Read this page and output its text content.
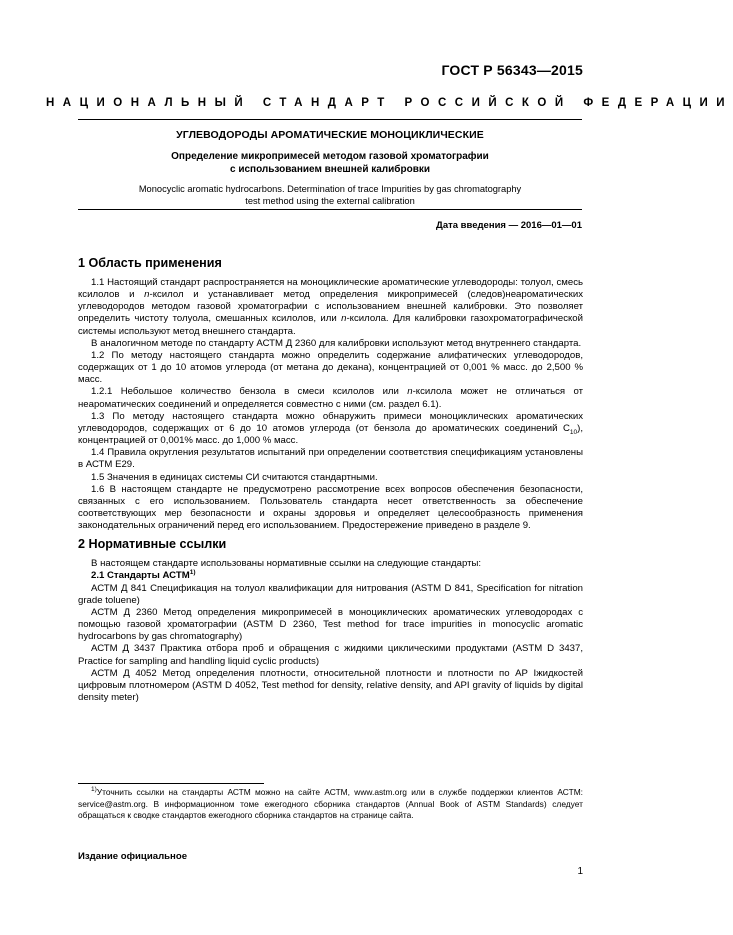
ГОСТ Р 56343—2015
НАЦИОНАЛЬНЫЙ СТАНДАРТ РОССИЙСКОЙ ФЕДЕРАЦИИ
УГЛЕВОДОРОДЫ АРОМАТИЧЕСКИЕ МОНОЦИКЛИЧЕСКИЕ
Определение микропримесей методом газовой хроматографии
с использованием внешней калибровки
Monocyclic aromatic hydrocarbons. Determination of trace Impurities by gas chromatography
test method using the external calibration
Дата введения — 2016—01—01
1 Область применения

1.1 Настоящий стандарт распространяется на моноциклические ароматические углеводороды: толуол, смесь ксилолов и n-ксилол и устанавливает метод определения микропримесей (следов)неароматических углеводородов методом газовой хроматографии с использованием внешней калибровки. Это позволяет определить чистоту толуола, смешанных ксилолов, или n-ксилола. Для калибровки газохроматографической системы используют метод внешнего стандарта.

В аналогичном методе по стандарту АСТМ Д 2360 для калибровки используют метод внутреннего стандарта.

1.2 По методу настоящего стандарта можно определить содержание алифатических углеводородов, содержащих от 1 до 10 атомов углерода (от метана до декана), концентрацией от 0,001 % масс. до 2,500 % масс.

1.2.1 Небольшое количество бензола в смеси ксилолов или n-ксилола может не отличаться от неароматических соединений и определяется совместно с ними (см. раздел 6.1).

1.3 По методу настоящего стандарта можно обнаружить примеси моноциклических ароматических углеводородов, содержащих от 6 до 10 атомов углерода (от бензола до ароматических соединений $С_{10}$), концентрацией от 0,001% масс. до 1,000 % масс.

1.4 Правила округления результатов испытаний при определении соответствия спецификациям установлены в АСТМ Е29.

1.5 Значения в единицах системы СИ считаются стандартными.

1.6 В настоящем стандарте не предусмотрено рассмотрение всех вопросов обеспечения безопасности, связанных с его использованием. Пользователь стандарта несет ответственность за обеспечение соответствующих мер безопасности и охраны здоровья и определяет целесообразность применения законодательных ограничений перед его использованием. Предостережение приведено в разделе 9.

2 Нормативные ссылки

В настоящем стандарте использованы нормативные ссылки на следующие стандарты:

2.1 Стандарты АСТМ$^{1)}$

АСТМ Д 841 Спецификация на толуол квалификации для нитрования (ASTM D 841, Specification for nitration grade toluene)

АСТМ Д 2360 Метод определения микропримесей в моноциклических ароматических углеводородах с помощью газовой хроматографии (ASTM D 2360, Test method for trace impurities in monocyclic aromatic hydrocarbons by gas chromatography)

АСТМ Д 3437 Практика отбора проб и обращения с жидкими циклическими продуктами (ASTM D 3437, Practice for sampling and handling liquid cyclic products)

АСТМ Д 4052 Метод определения плотности, относительной плотности и плотности по АР Іжидкостей цифровым плотномером (ASTM D 4052, Test method for density, relative density, and API gravity of liquids by digital density meter)

$^{1)}$Уточнить ссылки на стандарты АСТМ можно на сайте АСТМ, www.astm.org или в службе поддержки клиентов АСТМ: service@astm.org. В информационном томе ежегодного сборника стандартов (Annual Book of ASTM Standards) следует обращаться к сводке стандартов ежегодного сборника стандартов на странице сайта.
Издание официальное
1
